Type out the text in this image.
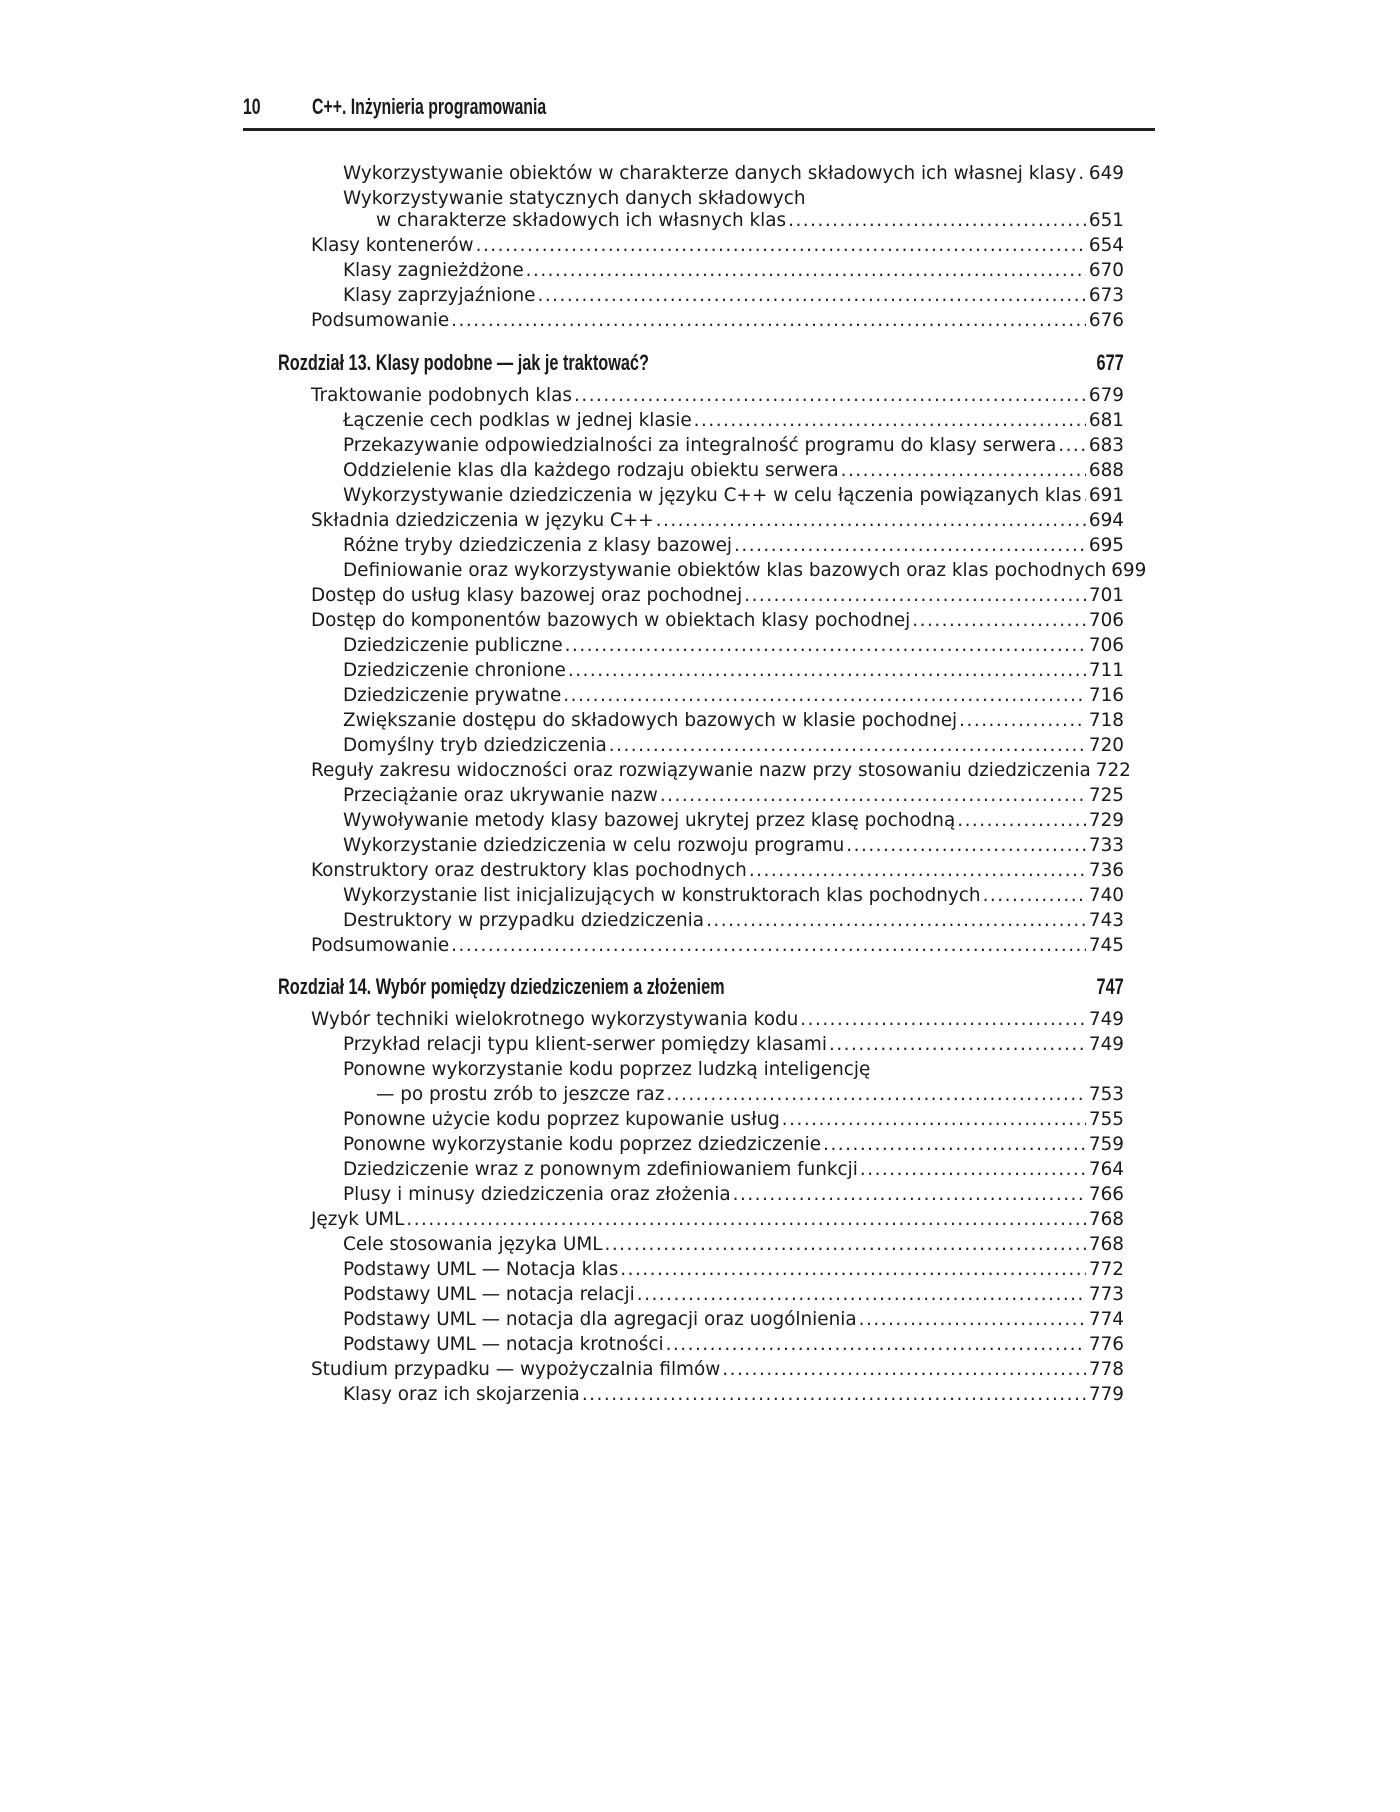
10 C++. Inżynieria programowania
Wykorzystywanie obiektów w charakterze danych składowych ich własnej klasy ..... 649
Wykorzystywanie statycznych danych składowych
w charakterze składowych ich własnych klas .....	651
Klasy kontenerów .....	654
Klasy zagnieżdżone .....	670
Klasy zaprzyjaźnione .....	673
Podsumowanie .....	676
Rozdział 13. Klasy podobne — jak je traktować?	677
Traktowanie podobnych klas .....	679
Łączenie cech podklas w jednej klasie .....	681
Przekazywanie odpowiedzialności za integralność programu do klasy serwera ..... 683
Oddzielenie klas dla każdego rodzaju obiektu serwera .....	688
Wykorzystywanie dziedziczenia w języku C++ w celu łączenia powiązanych klas ..... 691
Składnia dziedziczenia w języku C++ .....	694
Różne tryby dziedziczenia z klasy bazowej .....	695
Definiowanie oraz wykorzystywanie obiektów klas bazowych oraz klas pochodnych 699
Dostęp do usług klasy bazowej oraz pochodnej .....	701
Dostęp do komponentów bazowych w obiektach klasy pochodnej .....	706
Dziedziczenie publiczne .....	706
Dziedziczenie chronione .....	711
Dziedziczenie prywatne .....	716
Zwiększanie dostępu do składowych bazowych w klasie pochodnej .....	718
Domyślny tryb dziedziczenia .....	720
Reguły zakresu widoczności oraz rozwiązywanie nazw przy stosowaniu dziedziczenia 722
Przeciążanie oraz ukrywanie nazw .....	725
Wywoływanie metody klasy bazowej ukrytej przez klasę pochodną .....	729
Wykorzystanie dziedziczenia w celu rozwoju programu .....	733
Konstruktory oraz destruktory klas pochodnych .....	736
Wykorzystanie list inicjalizujących w konstruktorach klas pochodnych .....	740
Destruktory w przypadku dziedziczenia .....	743
Podsumowanie .....	745
Rozdział 14. Wybór pomiędzy dziedziczeniem a złożeniem	747
Wybór techniki wielokrotnego wykorzystywania kodu .....	749
Przykład relacji typu klient-serwer pomiędzy klasami .....	749
Ponowne wykorzystanie kodu poprzez ludzką inteligencję
— po prostu zrób to jeszcze raz .....	753
Ponowne użycie kodu poprzez kupowanie usług .....	755
Ponowne wykorzystanie kodu poprzez dziedziczenie .....	759
Dziedziczenie wraz z ponownym zdefiniowaniem funkcji .....	764
Plusy i minusy dziedziczenia oraz złożenia .....	766
Język UML .....	768
Cele stosowania języka UML .....	768
Podstawy UML — Notacja klas .....	772
Podstawy UML — notacja relacji .....	773
Podstawy UML — notacja dla agregacji oraz uogólnienia .....	774
Podstawy UML — notacja krotności .....	776
Studium przypadku — wypożyczalnia filmów .....	778
Klasy oraz ich skojarzenia .....	779
